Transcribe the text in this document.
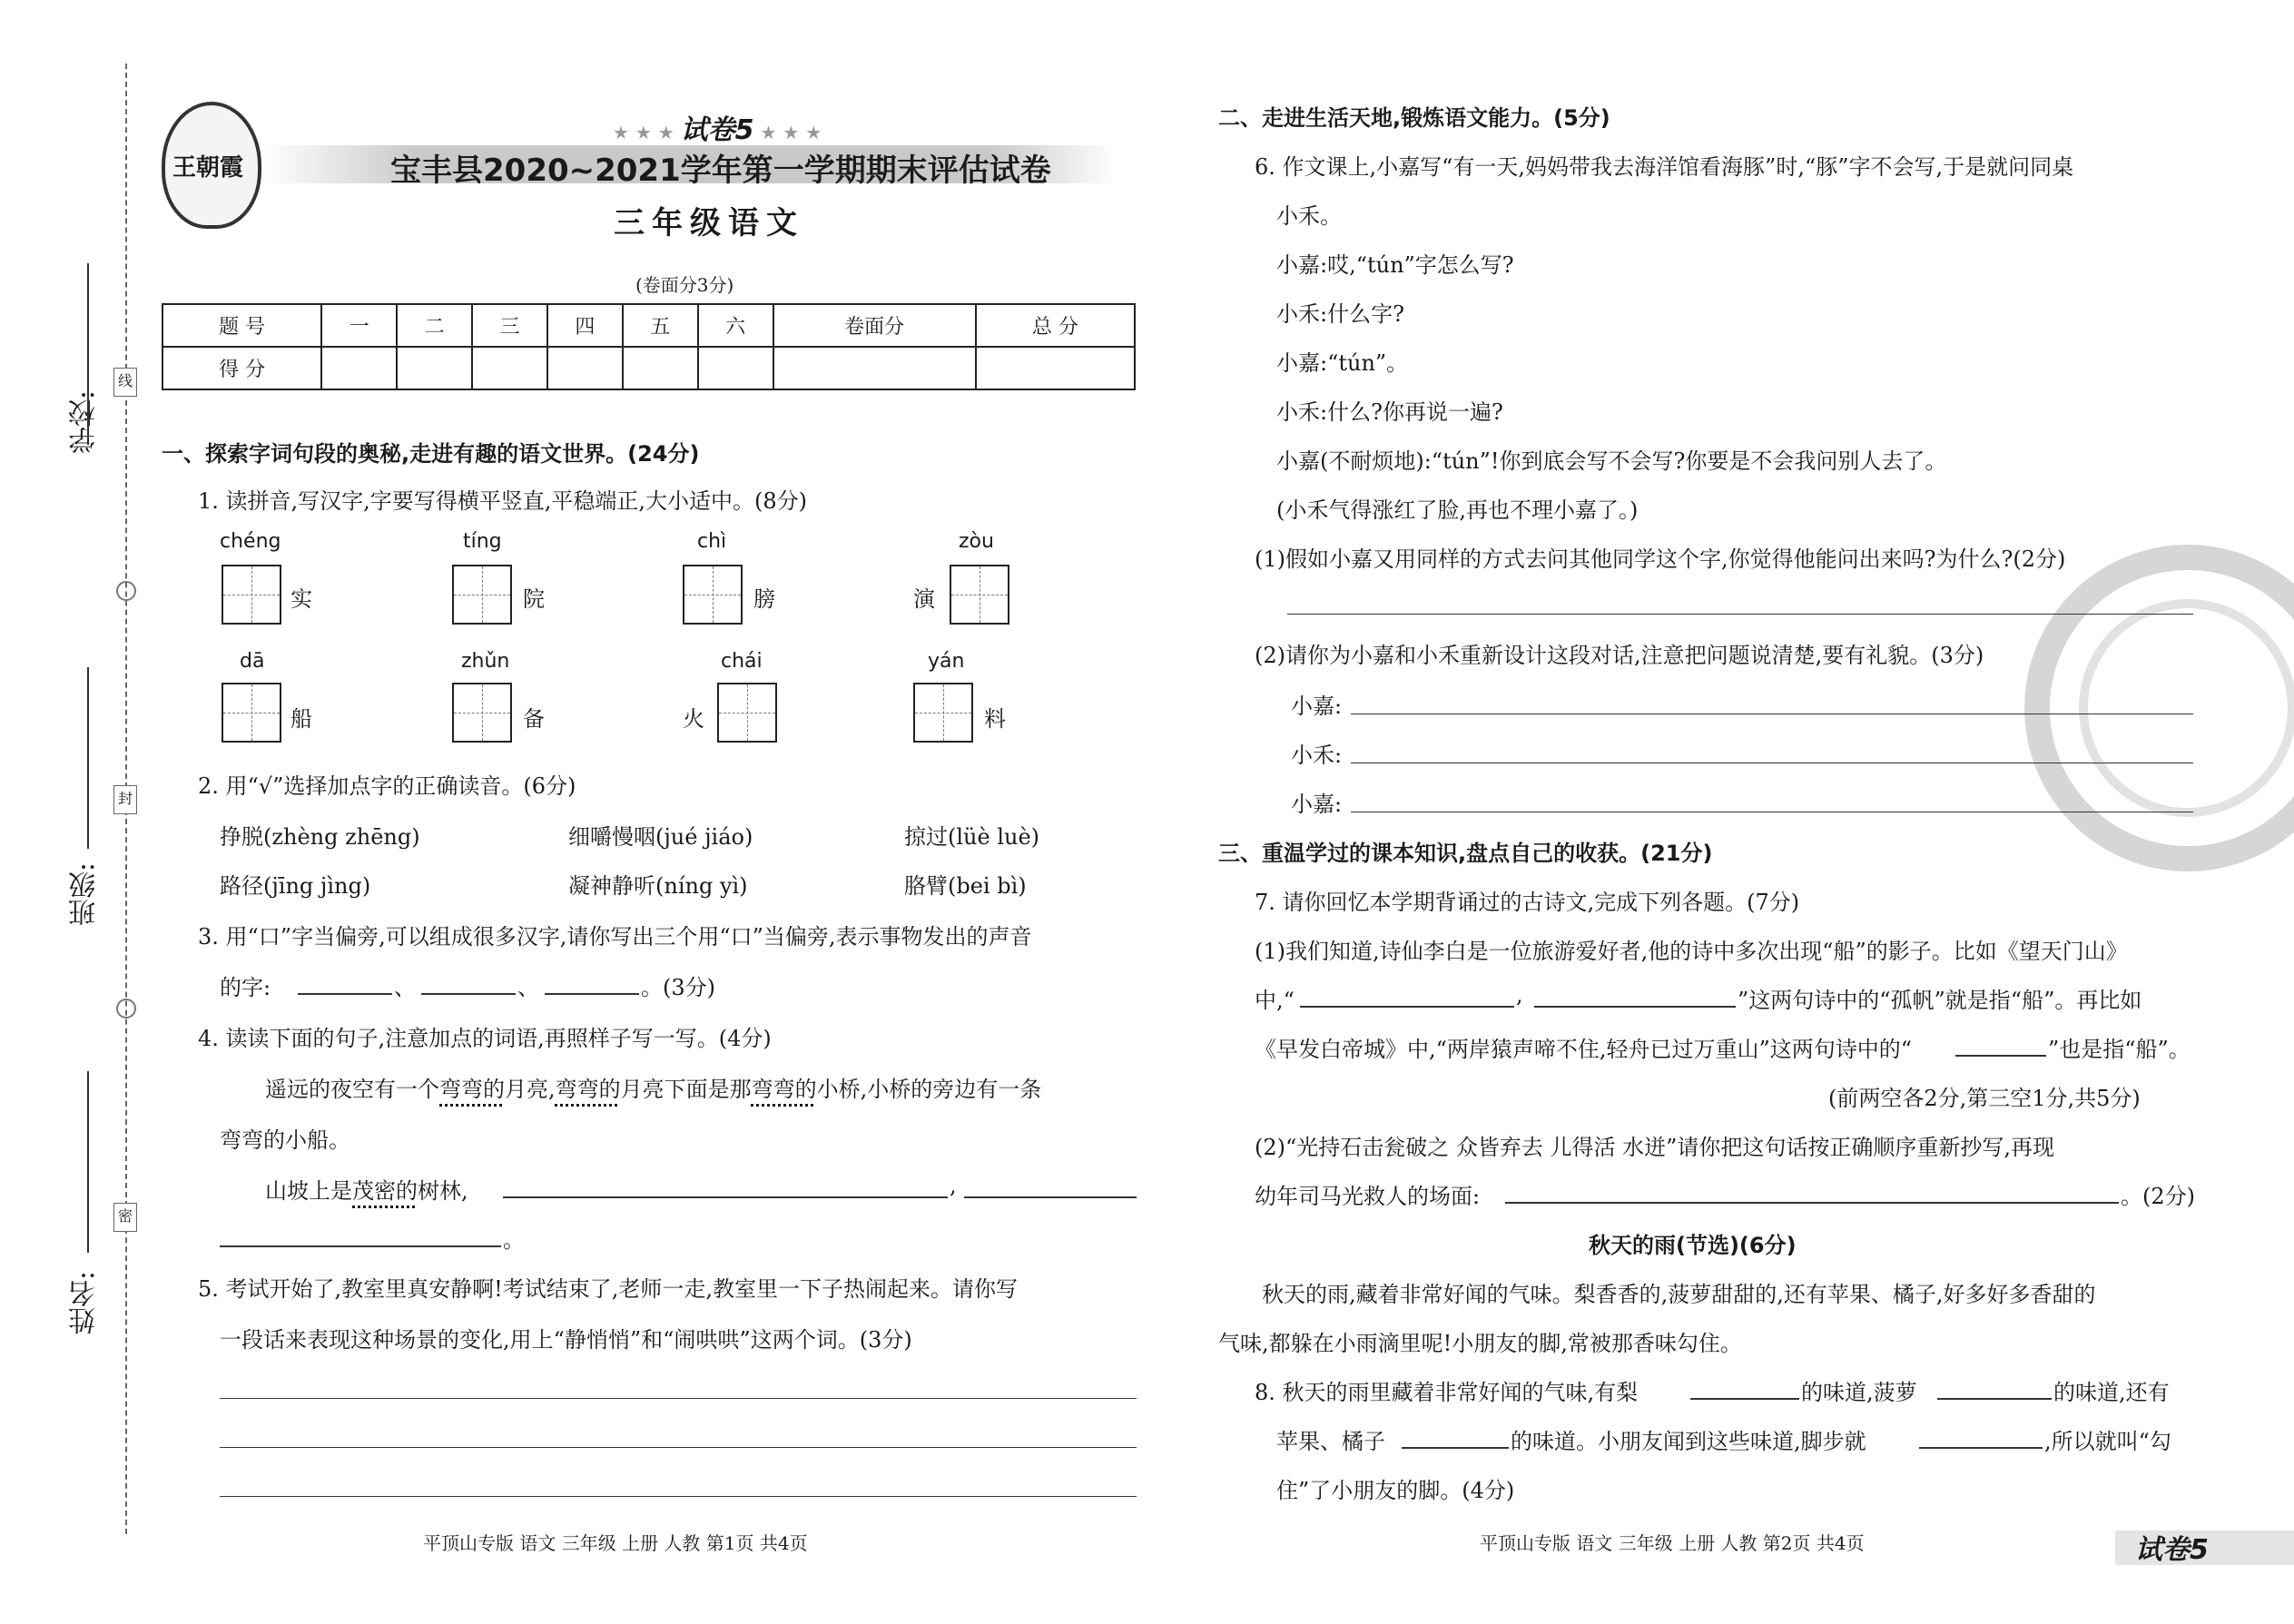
学校:
班级:
姓名:
线
封
密
王朝霞
★ ★ ★ 试卷5 ★ ★ ★
宝丰县2020~2021学年第一学期期末评估试卷
三年级语文
(卷面分3分)
题 号	一	二	三	四	五	六	卷面分	总 分
得 分								
一、探索字词句段的奥秘,走进有趣的语文世界。(24分)
1. 读拼音,写汉字,字要写得横平竖直,平稳端正,大小适中。(8分)
chéng
实
tíng
院
chì
膀
zòu
演
dā
船
zhǔn
备
chái
火
yán
料
2. 用“√”选择加点字的正确读音。(6分)
挣脱(zhèng zhēng)	细嚼慢咽(jué jiáo)	掠过(lüè luè)
路径(jīng jìng)	凝神静听(níng yì)	胳臂(bei bì)
3. 用“口”字当偏旁,可以组成很多汉字,请你写出三个用“口”当偏旁,表示事物发出的声音
的字:	、	、	。(3分)
4. 读读下面的句子,注意加点的词语,再照样子写一写。(4分)
遥远的夜空有一个弯弯的月亮,弯弯的月亮下面是那弯弯的小桥,小桥的旁边有一条
弯弯的小船。
山坡上是茂密的树林,	,
。
5. 考试开始了,教室里真安静啊!考试结束了,老师一走,教室里一下子热闹起来。请你写
一段话来表现这种场景的变化,用上“静悄悄”和“闹哄哄”这两个词。(3分)
平顶山专版 语文 三年级 上册 人教 第1页 共4页
二、走进生活天地,锻炼语文能力。(5分)
6. 作文课上,小嘉写“有一天,妈妈带我去海洋馆看海豚”时,“豚”字不会写,于是就问同桌
小禾。
小嘉:哎,“tún”字怎么写?
小禾:什么字?
小嘉:“tún”。
小禾:什么?你再说一遍?
小嘉(不耐烦地):“tún”!你到底会写不会写?你要是不会我问别人去了。
(小禾气得涨红了脸,再也不理小嘉了。)
(1)假如小嘉又用同样的方式去问其他同学这个字,你觉得他能问出来吗?为什么?(2分)
(2)请你为小嘉和小禾重新设计这段对话,注意把问题说清楚,要有礼貌。(3分)
小嘉:
小禾:
小嘉:
三、重温学过的课本知识,盘点自己的收获。(21分)
7. 请你回忆本学期背诵过的古诗文,完成下列各题。(7分)
(1)我们知道,诗仙李白是一位旅游爱好者,他的诗中多次出现“船”的影子。比如《望天门山》
中,“	,	”这两句诗中的“孤帆”就是指“船”。再比如
《早发白帝城》中,“两岸猿声啼不住,轻舟已过万重山”这两句诗中的“	”也是指“船”。
(前两空各2分,第三空1分,共5分)
(2)“光持石击瓮破之 众皆弃去 儿得活 水迸”请你把这句话按正确顺序重新抄写,再现
幼年司马光救人的场面:	。(2分)
秋天的雨(节选)(6分)
秋天的雨,藏着非常好闻的气味。梨香香的,菠萝甜甜的,还有苹果、橘子,好多好多香甜的
气味,都躲在小雨滴里呢!小朋友的脚,常被那香味勾住。
8. 秋天的雨里藏着非常好闻的气味,有梨	的味道,菠萝	的味道,还有
苹果、橘子	的味道。小朋友闻到这些味道,脚步就	,所以就叫“勾
住”了小朋友的脚。(4分)
平顶山专版 语文 三年级 上册 人教 第2页 共4页	试卷5
